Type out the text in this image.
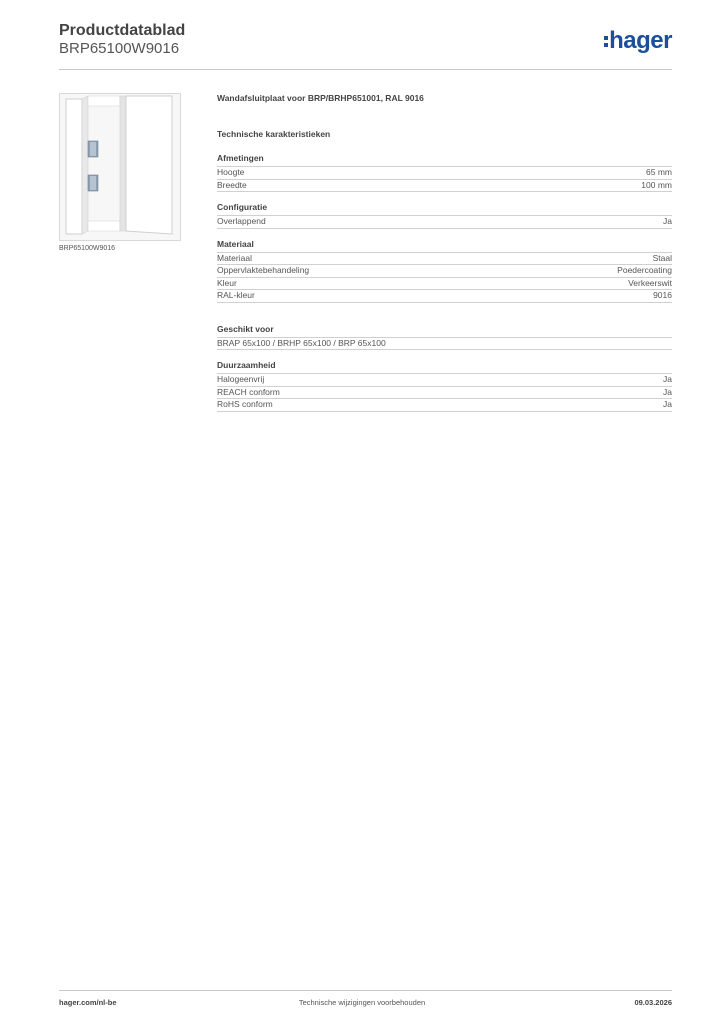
Productdatablad
BRP65100W9016	hager
BRP65100W9016
Wandafsluitplaat voor BRP/BRHP651001, RAL 9016
Technische karakteristieken
Afmetingen
Hoogte	65 mm
Breedte	100 mm
Configuratie
Overlappend	Ja
Materiaal
Materiaal	Staal
Oppervlaktebehandeling	Poedercoating
Kleur	Verkeerswit
RAL-kleur	9016
Geschikt voor
BRAP 65x100 / BRHP 65x100 / BRP 65x100
Duurzaamheid
Halogeenvrij	Ja
REACH conform	Ja
RoHS conform	Ja
hager.com/nl-be	Technische wijzigingen voorbehouden	09.03.2026
